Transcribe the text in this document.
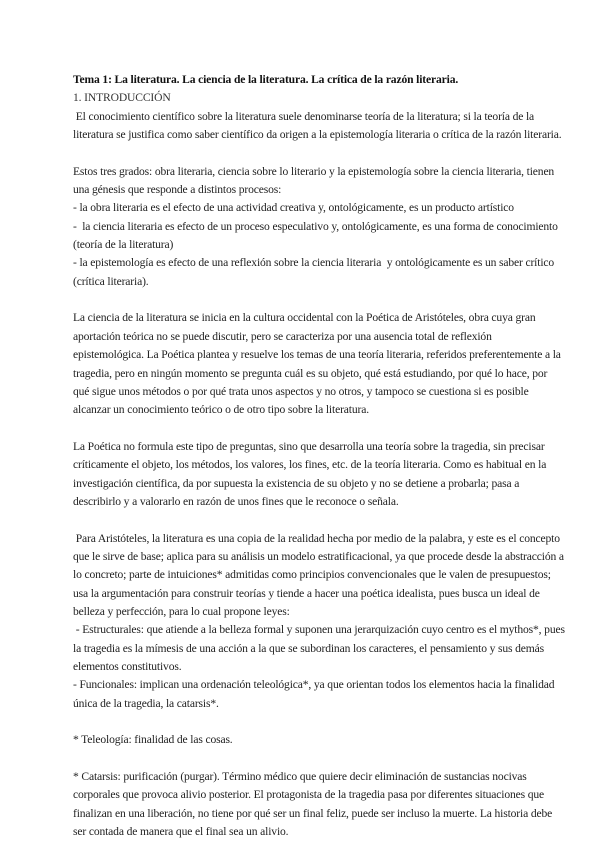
Tema 1: La literatura. La ciencia de la literatura. La crítica de la razón literaria.
1. INTRODUCCIÓN
El conocimiento científico sobre la literatura suele denominarse teoría de la literatura; si la teoría de la
literatura se justifica como saber científico da origen a la epistemología literaria o crítica de la razón literaria.
Estos tres grados: obra literaria, ciencia sobre lo literario y la epistemología sobre la ciencia literaria, tienen
una génesis que responde a distintos procesos:
- la obra literaria es el efecto de una actividad creativa y, ontológicamente, es un producto artístico
-  la ciencia literaria es efecto de un proceso especulativo y, ontológicamente, es una forma de conocimiento
(teoría de la literatura)
- la epistemología es efecto de una reflexión sobre la ciencia literaria  y ontológicamente es un saber crítico
(crítica literaria).
La ciencia de la literatura se inicia en la cultura occidental con la Poética de Aristóteles, obra cuya gran
aportación teórica no se puede discutir, pero se caracteriza por una ausencia total de reflexión
epistemológica. La Poética plantea y resuelve los temas de una teoría literaria, referidos preferentemente a la
tragedia, pero en ningún momento se pregunta cuál es su objeto, qué está estudiando, por qué lo hace, por
qué sigue unos métodos o por qué trata unos aspectos y no otros, y tampoco se cuestiona si es posible
alcanzar un conocimiento teórico o de otro tipo sobre la literatura.
La Poética no formula este tipo de preguntas, sino que desarrolla una teoría sobre la tragedia, sin precisar
críticamente el objeto, los métodos, los valores, los fines, etc. de la teoría literaria. Como es habitual en la
investigación científica, da por supuesta la existencia de su objeto y no se detiene a probarla; pasa a
describirlo y a valorarlo en razón de unos fines que le reconoce o señala.
Para Aristóteles, la literatura es una copia de la realidad hecha por medio de la palabra, y este es el concepto
que le sirve de base; aplica para su análisis un modelo estratificacional, ya que procede desde la abstracción a
lo concreto; parte de intuiciones* admitidas como principios convencionales que le valen de presupuestos;
usa la argumentación para construir teorías y tiende a hacer una poética idealista, pues busca un ideal de
belleza y perfección, para lo cual propone leyes:
- Estructurales: que atiende a la belleza formal y suponen una jerarquización cuyo centro es el mythos*, pues
la tragedia es la mímesis de una acción a la que se subordinan los caracteres, el pensamiento y sus demás
elementos constitutivos.
- Funcionales: implican una ordenación teleológica*, ya que orientan todos los elementos hacia la finalidad
única de la tragedia, la catarsis*.
* Teleología: finalidad de las cosas.
* Catarsis: purificación (purgar). Término médico que quiere decir eliminación de sustancias nocivas
corporales que provoca alivio posterior. El protagonista de la tragedia pasa por diferentes situaciones que
finalizan en una liberación, no tiene por qué ser un final feliz, puede ser incluso la muerte. La historia debe
ser contada de manera que el final sea un alivio.
